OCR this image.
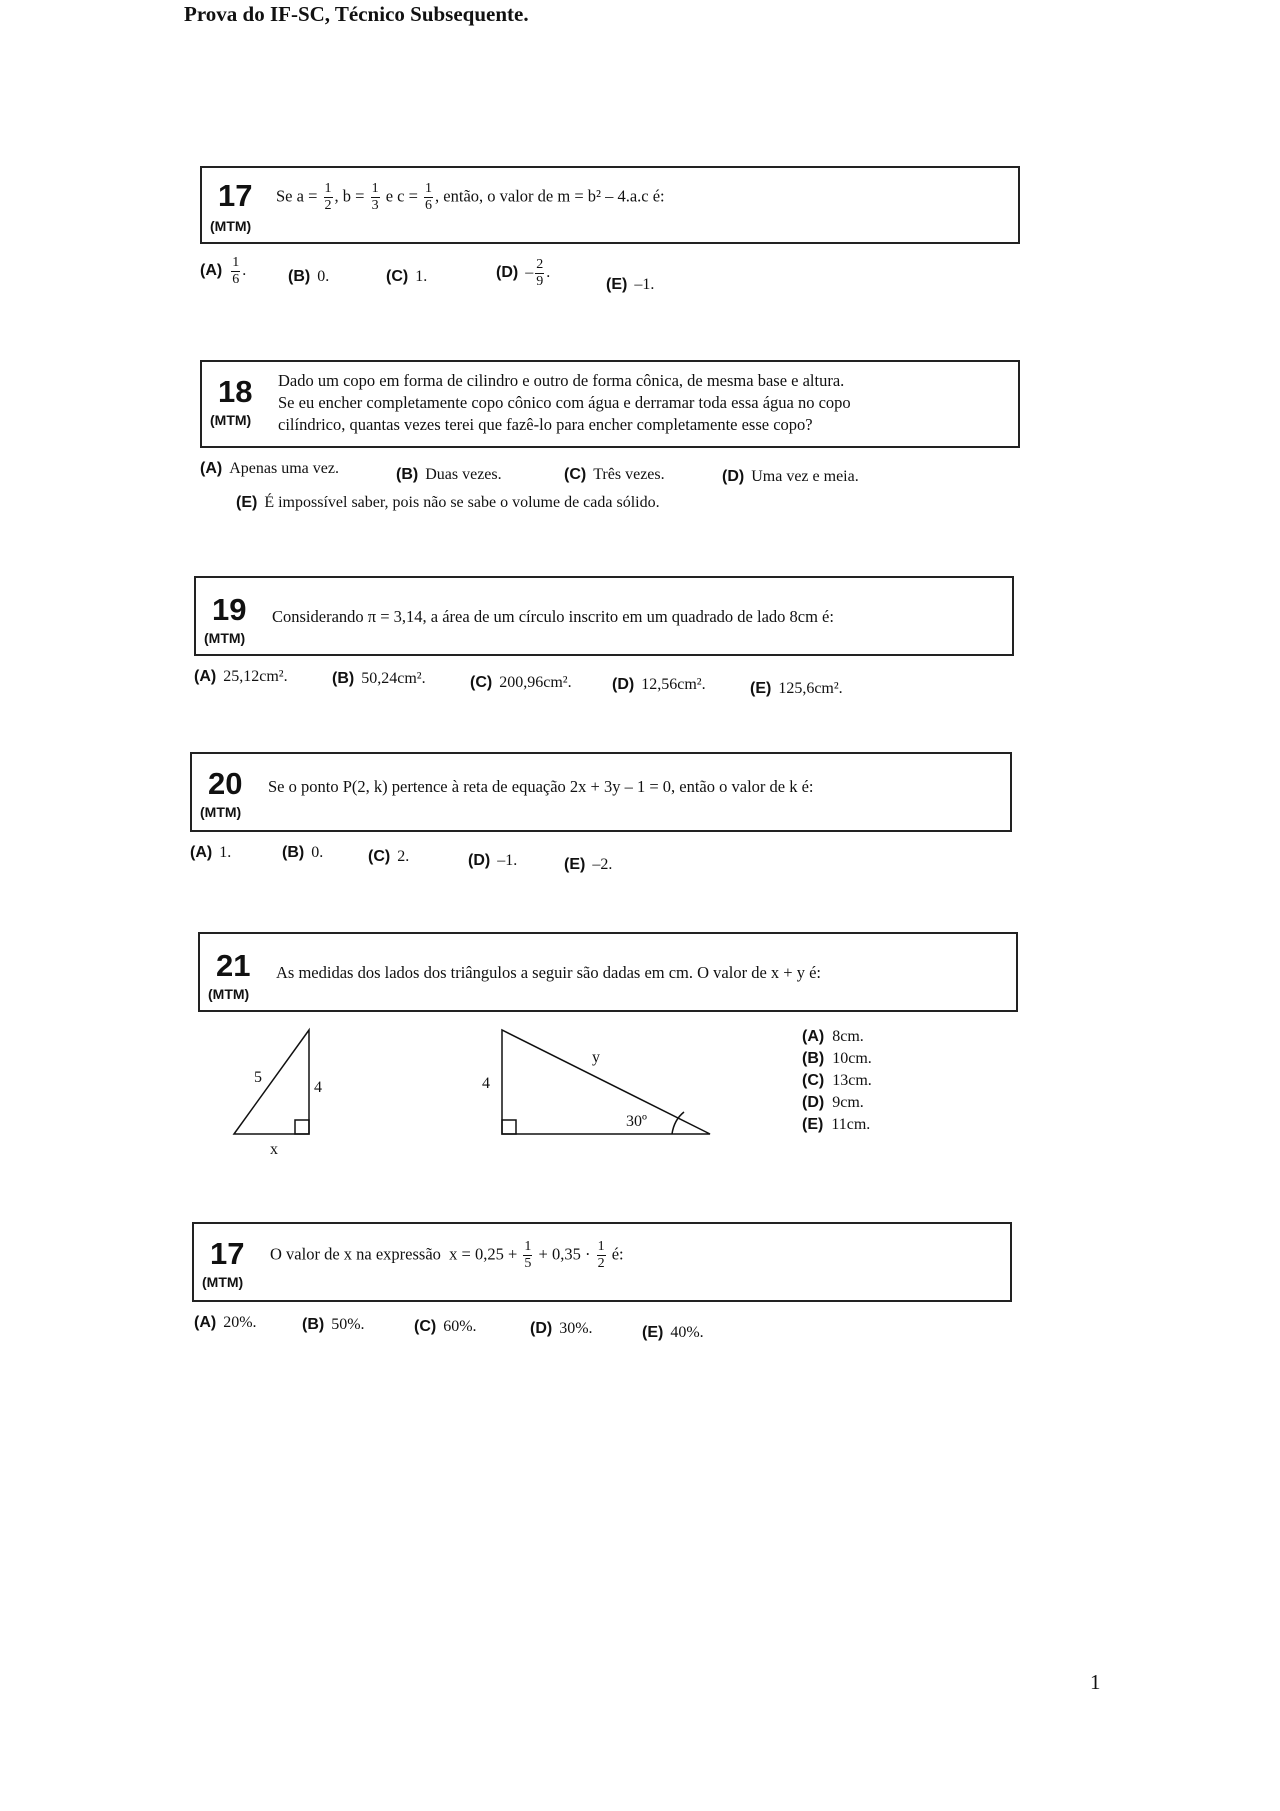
Prova do IF-SC, Técnico Subsequente.
17
(MTM)
Se $a = \frac{1}{2}$ , $b = \frac{1}{3}$ e $c = \frac{1}{6}$ , então, o valor de m = b² – 4.a.c é:
$(A) \frac{1}{6}$ .	(B) 0.	(C) 1.	$(D) - \frac{2}{9}$ .
(E) –1.
18
(MTM)
Dado um copo em forma de cilindro e outro de forma cônica, de mesma base e altura.
Se eu encher completamente copo cônico com água e derramar toda essa água no copo
cilíndrico, quantas vezes terei que fazê-lo para encher completamente esse copo?
(A) Apenas uma vez.	(B) Duas vezes.	(C) Três vezes.	(D) Uma vez e meia.
(E) É impossível saber, pois não se sabe o volume de cada sólido.
19
(MTM)
Considerando π = 3,14, a área de um círculo inscrito em um quadrado de lado 8cm é:
(A) 25,12cm².	(B) 50,24cm².	(C) 200,96cm².	(D) 12,56cm².	(E) 125,6cm².
20
(MTM)
Se o ponto P(2, k) pertence à reta de equação 2x + 3y – 1 = 0, então o valor de k é:
(A) 1.	(B) 0.	(C) 2.	(D) –1.	(E) –2.
21
(MTM)
As medidas dos lados dos triângulos a seguir são dadas em cm. O valor de x + y é:
5
4
x
4
y
30º
(A) 8cm.
(B) 10cm.
(C) 13cm.
(D) 9cm.
(E) 11cm.
17
(MTM)
O valor de x na expressão $x = 0,25 + \frac{1}{5} + 0,35 \cdot \frac{1}{2}$ é:
(A) 20%.	(B) 50%.	(C) 60%.	(D) 30%.	(E) 40%.
1
